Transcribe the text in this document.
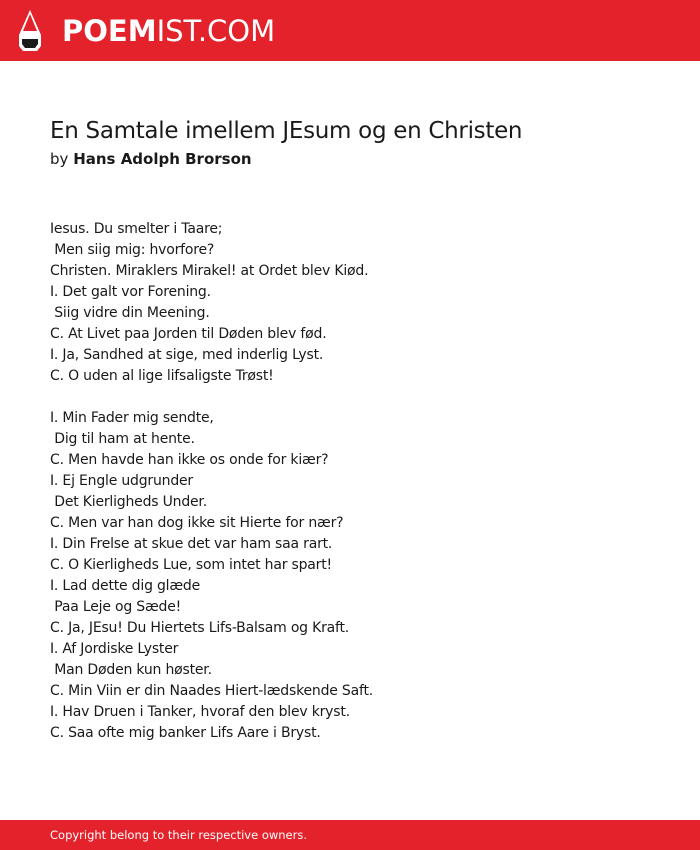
POEMIST.COM
En Samtale imellem JEsum og en Christen
by Hans Adolph Brorson
Iesus. Du smelter i Taare;
Men siig mig: hvorfore?
Christen. Miraklers Mirakel! at Ordet blev Kiød.
I. Det galt vor Forening.
Siig vidre din Meening.
C. At Livet paa Jorden til Døden blev fød.
I. Ja, Sandhed at sige, med inderlig Lyst.
C. O uden al lige lifsaligste Trøst!
I. Min Fader mig sendte,
Dig til ham at hente.
C. Men havde han ikke os onde for kiær?
I. Ej Engle udgrunder
Det Kierligheds Under.
C. Men var han dog ikke sit Hierte for nær?
I. Din Frelse at skue det var ham saa rart.
C. O Kierligheds Lue, som intet har spart!
I. Lad dette dig glæde
Paa Leje og Sæde!
C. Ja, JEsu! Du Hiertets Lifs-Balsam og Kraft.
I. Af Jordiske Lyster
Man Døden kun høster.
C. Min Viin er din Naades Hiert-lædskende Saft.
I. Hav Druen i Tanker, hvoraf den blev kryst.
C. Saa ofte mig banker Lifs Aare i Bryst.
Copyright belong to their respective owners.
